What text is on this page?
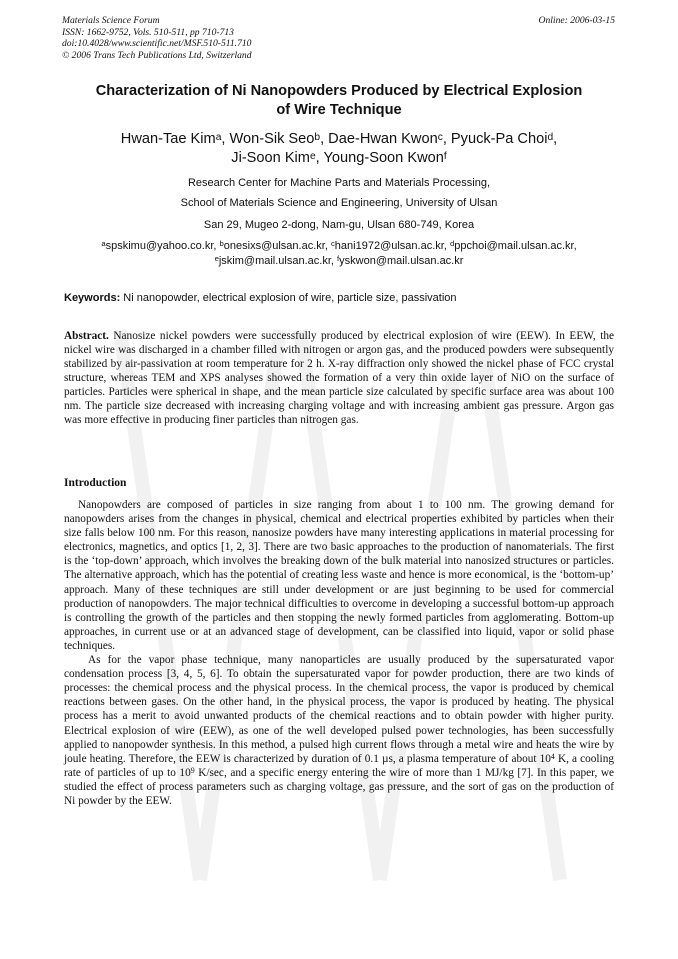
Materials Science Forum
ISSN: 1662-9752, Vols. 510-511, pp 710-713
doi:10.4028/www.scientific.net/MSF.510-511.710
© 2006 Trans Tech Publications Ltd, Switzerland
Online: 2006-03-15
Characterization of Ni Nanopowders Produced by Electrical Explosion
of Wire Technique
Hwan-Tae Kim$^a$, Won-Sik Seo$^b$, Dae-Hwan Kwon$^c$, Pyuck-Pa Choi$^d$,
Ji-Soon Kim$^e$, Young-Soon Kwon$^f$
Research Center for Machine Parts and Materials Processing,
School of Materials Science and Engineering, University of Ulsan
San 29, Mugeo 2-dong, Nam-gu, Ulsan 680-749, Korea
$^a$spskimu@yahoo.co.kr, $^b$onesixs@ulsan.ac.kr, $^c$hani1972@ulsan.ac.kr, $^d$ppchoi@mail.ulsan.ac.kr,
$^e$jskim@mail.ulsan.ac.kr, $^f$yskwon@mail.ulsan.ac.kr
Keywords: Ni nanopowder, electrical explosion of wire, particle size, passivation
Abstract. Nanosize nickel powders were successfully produced by electrical explosion of wire (EEW). In EEW, the nickel wire was discharged in a chamber filled with nitrogen or argon gas, and the produced powders were subsequently stabilized by air-passivation at room temperature for 2 h. X-ray diffraction only showed the nickel phase of FCC crystal structure, whereas TEM and XPS analyses showed the formation of a very thin oxide layer of NiO on the surface of particles. Particles were spherical in shape, and the mean particle size calculated by specific surface area was about 100 nm. The particle size decreased with increasing charging voltage and with increasing ambient gas pressure. Argon gas was more effective in producing finer particles than nitrogen gas.
Introduction

Nanopowders are composed of particles in size ranging from about 1 to 100 nm. The growing demand for nanopowders arises from the changes in physical, chemical and electrical properties exhibited by particles when their size falls below 100 nm. For this reason, nanosize powders have many interesting applications in material processing for electronics, magnetics, and optics [1, 2, 3]. There are two basic approaches to the production of nanomaterials. The first is the ‘top-down’ approach, which involves the breaking down of the bulk material into nanosized structures or particles. The alternative approach, which has the potential of creating less waste and hence is more economical, is the ‘bottom-up’ approach. Many of these techniques are still under development or are just beginning to be used for commercial production of nanopowders. The major technical difficulties to overcome in developing a successful bottom-up approach is controlling the growth of the particles and then stopping the newly formed particles from agglomerating. Bottom-up approaches, in current use or at an advanced stage of development, can be classified into liquid, vapor or solid phase techniques.

As for the vapor phase technique, many nanoparticles are usually produced by the supersaturated vapor condensation process [3, 4, 5, 6]. To obtain the supersaturated vapor for powder production, there are two kinds of processes: the chemical process and the physical process. In the chemical process, the vapor is produced by chemical reactions between gases. On the other hand, in the physical process, the vapor is produced by heating. The physical process has a merit to avoid unwanted products of the chemical reactions and to obtain powder with higher purity. Electrical explosion of wire (EEW), as one of the well developed pulsed power technologies, has been successfully applied to nanopowder synthesis. In this method, a pulsed high current flows through a metal wire and heats the wire by joule heating. Therefore, the EEW is characterized by duration of 0.1 µs, a plasma temperature of about $10^4$ K, a cooling rate of particles of up to $10^9$ K/sec, and a specific energy entering the wire of more than 1 MJ/kg [7]. In this paper, we studied the effect of process parameters such as charging voltage, gas pressure, and the sort of gas on the production of Ni powder by the EEW.
